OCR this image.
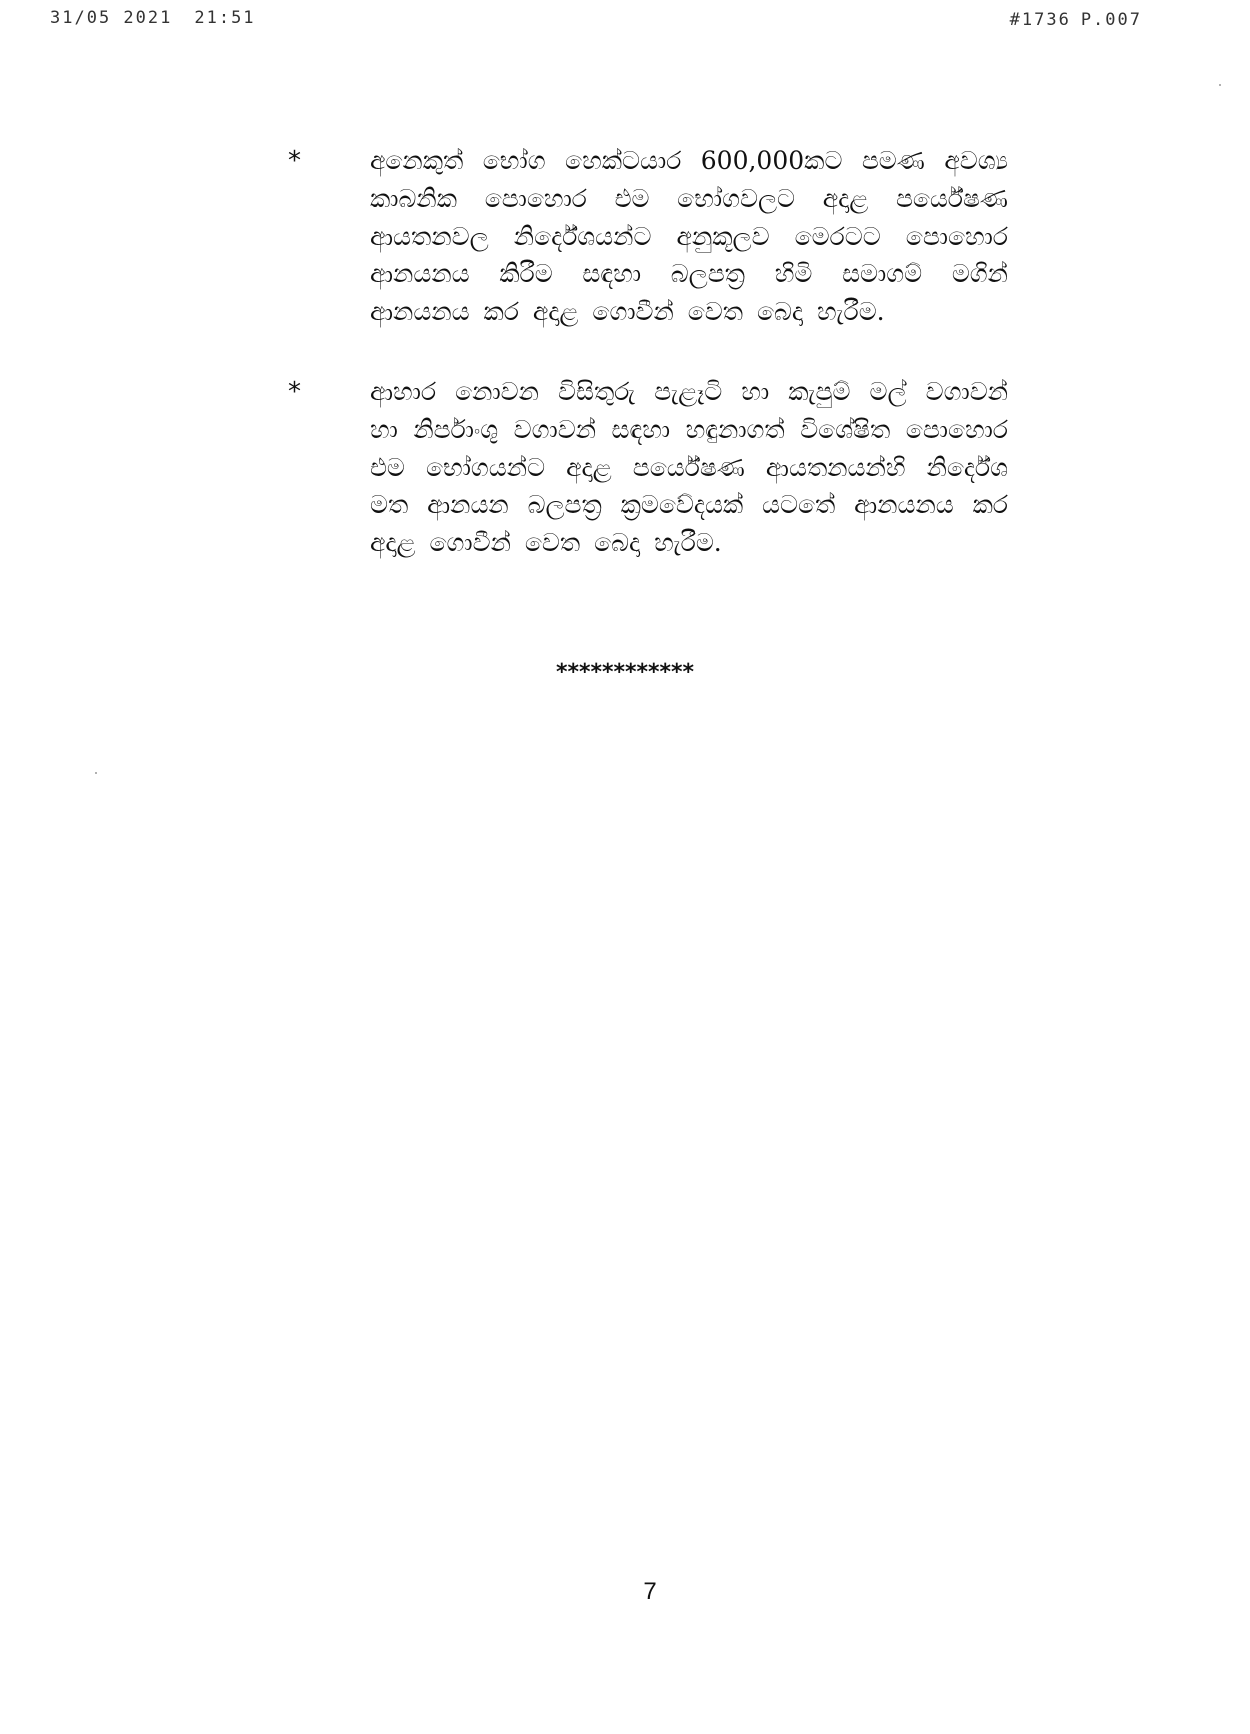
31/05 2021 21:51	#1736 P.007
*	අනෙකුත් භෝග හෙක්ටයාර 600,000කට පමණ අවශ්‍ය කාබනික පොහොර එම භෝගවලට අදාළ පර්යේෂණ ආයතනවල නිර්දේශයන්ට අනුකූලව මෙරටට පොහොර ආනයනය කිරීම සඳහා බලපත්‍ර හිමි සමාගම් මගින් ආනයනය කර අදාළ ගොවීන් වෙත බෙදා හැරීම.
*	ආහාර නොවන විසිතුරු පැළෑටි හා කැපුම් මල් වගාවන් හා නිර්පාංශු වගාවන් සඳහා හඳුනාගත් විශේෂිත පොහොර එම භෝගයන්ට අදාළ පර්යේෂණ ආයතනයන්හි නිර්දේශ මත ආනයන බලපත්‍ර ක්‍රමවේදයක් යටතේ ආනයනය කර අදාළ ගොවීන් වෙත බෙදා හැරීම.
************
7
